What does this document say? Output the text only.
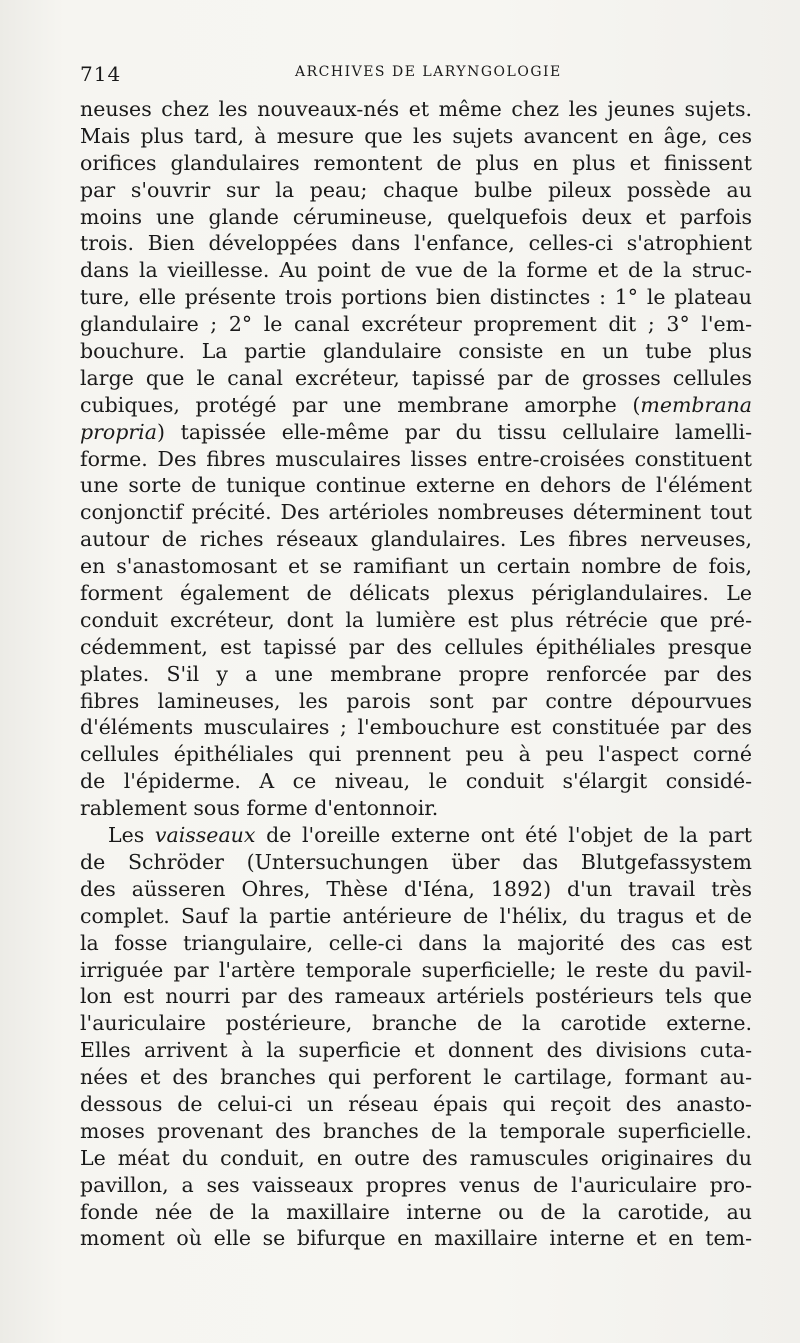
714	ARCHIVES DE LARYNGOLOGIE
neuses chez les nouveaux-nés et même chez les jeunes sujets.
Mais plus tard, à mesure que les sujets avancent en âge, ces
orifices glandulaires remontent de plus en plus et finissent
par s'ouvrir sur la peau; chaque bulbe pileux possède au
moins une glande cérumineuse, quelquefois deux et parfois
trois. Bien développées dans l'enfance, celles-ci s'atrophient
dans la vieillesse. Au point de vue de la forme et de la struc-
ture, elle présente trois portions bien distinctes : 1° le plateau
glandulaire ; 2° le canal excréteur proprement dit ; 3° l'em-
bouchure. La partie glandulaire consiste en un tube plus
large que le canal excréteur, tapissé par de grosses cellules
cubiques, protégé par une membrane amorphe (membrana
propria) tapissée elle-même par du tissu cellulaire lamelli-
forme. Des fibres musculaires lisses entre-croisées constituent
une sorte de tunique continue externe en dehors de l'élément
conjonctif précité. Des artérioles nombreuses déterminent tout
autour de riches réseaux glandulaires. Les fibres nerveuses,
en s'anastomosant et se ramifiant un certain nombre de fois,
forment également de délicats plexus périglandulaires. Le
conduit excréteur, dont la lumière est plus rétrécie que pré-
cédemment, est tapissé par des cellules épithéliales presque
plates. S'il y a une membrane propre renforcée par des
fibres lamineuses, les parois sont par contre dépourvues
d'éléments musculaires ; l'embouchure est constituée par des
cellules épithéliales qui prennent peu à peu l'aspect corné
de l'épiderme. A ce niveau, le conduit s'élargit considé-
rablement sous forme d'entonnoir.
Les vaisseaux de l'oreille externe ont été l'objet de la part
de Schröder (Untersuchungen über das Blutgefassystem
des aüsseren Ohres, Thèse d'Iéna, 1892) d'un travail très
complet. Sauf la partie antérieure de l'hélix, du tragus et de
la fosse triangulaire, celle-ci dans la majorité des cas est
irriguée par l'artère temporale superficielle; le reste du pavil-
lon est nourri par des rameaux artériels postérieurs tels que
l'auriculaire postérieure, branche de la carotide externe.
Elles arrivent à la superficie et donnent des divisions cuta-
nées et des branches qui perforent le cartilage, formant au-
dessous de celui-ci un réseau épais qui reçoit des anasto-
moses provenant des branches de la temporale superficielle.
Le méat du conduit, en outre des ramuscules originaires du
pavillon, a ses vaisseaux propres venus de l'auriculaire pro-
fonde née de la maxillaire interne ou de la carotide, au
moment où elle se bifurque en maxillaire interne et en tem-
